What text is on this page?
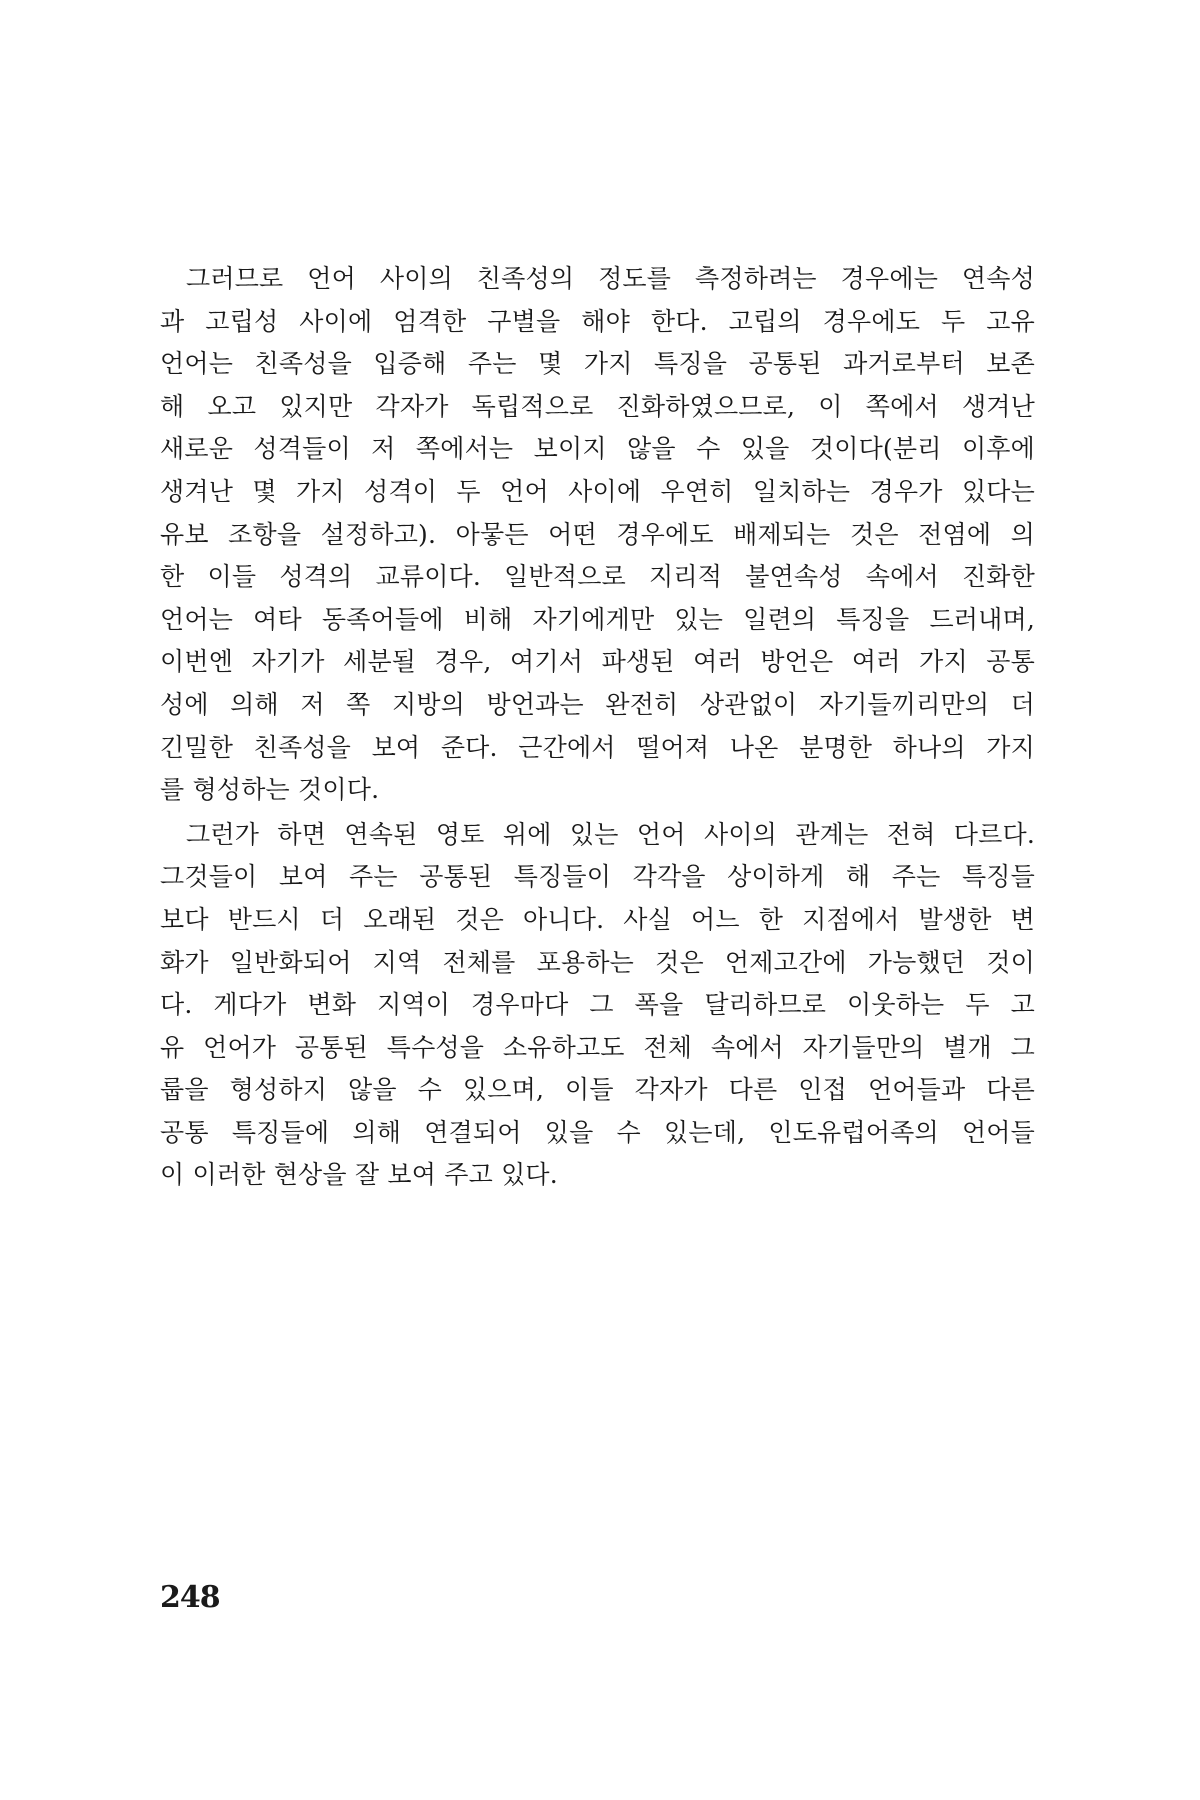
그러므로 언어 사이의 친족성의 정도를 측정하려는 경우에는 연속성
과 고립성 사이에 엄격한 구별을 해야 한다. 고립의 경우에도 두 고유
언어는 친족성을 입증해 주는 몇 가지 특징을 공통된 과거로부터 보존
해 오고 있지만 각자가 독립적으로 진화하였으므로, 이 쪽에서 생겨난
새로운 성격들이 저 쪽에서는 보이지 않을 수 있을 것이다(분리 이후에
생겨난 몇 가지 성격이 두 언어 사이에 우연히 일치하는 경우가 있다는
유보 조항을 설정하고). 아뭏든 어떤 경우에도 배제되는 것은 전염에 의
한 이들 성격의 교류이다. 일반적으로 지리적 불연속성 속에서 진화한
언어는 여타 동족어들에 비해 자기에게만 있는 일련의 특징을 드러내며,
이번엔 자기가 세분될 경우, 여기서 파생된 여러 방언은 여러 가지 공통
성에 의해 저 쪽 지방의 방언과는 완전히 상관없이 자기들끼리만의 더
긴밀한 친족성을 보여 준다. 근간에서 떨어져 나온 분명한 하나의 가지
를 형성하는 것이다.
그런가 하면 연속된 영토 위에 있는 언어 사이의 관계는 전혀 다르다.
그것들이 보여 주는 공통된 특징들이 각각을 상이하게 해 주는 특징들
보다 반드시 더 오래된 것은 아니다. 사실 어느 한 지점에서 발생한 변
화가 일반화되어 지역 전체를 포용하는 것은 언제고간에 가능했던 것이
다. 게다가 변화 지역이 경우마다 그 폭을 달리하므로 이웃하는 두 고
유 언어가 공통된 특수성을 소유하고도 전체 속에서 자기들만의 별개 그
룹을 형성하지 않을 수 있으며, 이들 각자가 다른 인접 언어들과 다른
공통 특징들에 의해 연결되어 있을 수 있는데, 인도유럽어족의 언어들
이 이러한 현상을 잘 보여 주고 있다.
248
